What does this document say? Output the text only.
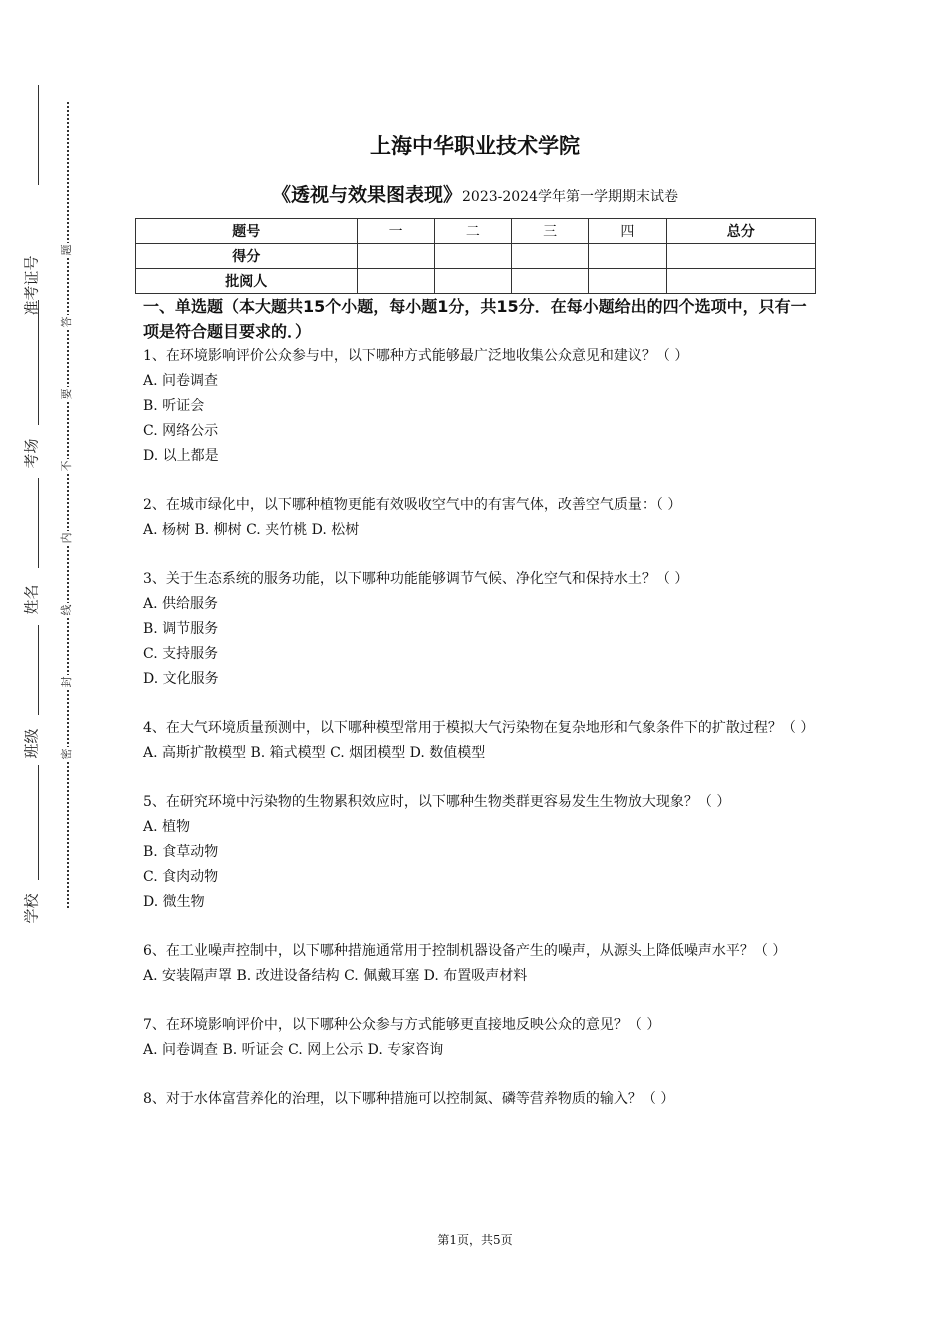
准考证号
考场
姓名
班级
学校
题
答
要
不
内
线
封
密
上海中华职业技术学院
《透视与效果图表现》2023-2024学年第一学期期末试卷
题号	一	二	三	四	总分
得分					
批阅人					
一、单选题（本大题共15个小题，每小题1分，共15分．在每小题给出的四个选项中，只有一项是符合题目要求的．）
1、在环境影响评价公众参与中，以下哪种方式能够最广泛地收集公众意见和建议？（ ）
A. 问卷调查
B. 听证会
C. 网络公示
D. 以上都是
2、在城市绿化中，以下哪种植物更能有效吸收空气中的有害气体，改善空气质量：（ ）
A. 杨树 B. 柳树 C. 夹竹桃 D. 松树
3、关于生态系统的服务功能，以下哪种功能能够调节气候、净化空气和保持水土？（ ）
A. 供给服务
B. 调节服务
C. 支持服务
D. 文化服务
4、在大气环境质量预测中，以下哪种模型常用于模拟大气污染物在复杂地形和气象条件下的扩散过程？（ ）
A. 高斯扩散模型 B. 箱式模型 C. 烟团模型 D. 数值模型
5、在研究环境中污染物的生物累积效应时，以下哪种生物类群更容易发生生物放大现象？（ ）
A. 植物
B. 食草动物
C. 食肉动物
D. 微生物
6、在工业噪声控制中，以下哪种措施通常用于控制机器设备产生的噪声，从源头上降低噪声水平？（ ）
A. 安装隔声罩 B. 改进设备结构 C. 佩戴耳塞 D. 布置吸声材料
7、在环境影响评价中，以下哪种公众参与方式能够更直接地反映公众的意见？（ ）
A. 问卷调查 B. 听证会 C. 网上公示 D. 专家咨询
8、对于水体富营养化的治理，以下哪种措施可以控制氮、磷等营养物质的输入？（ ）
第1页，共5页
